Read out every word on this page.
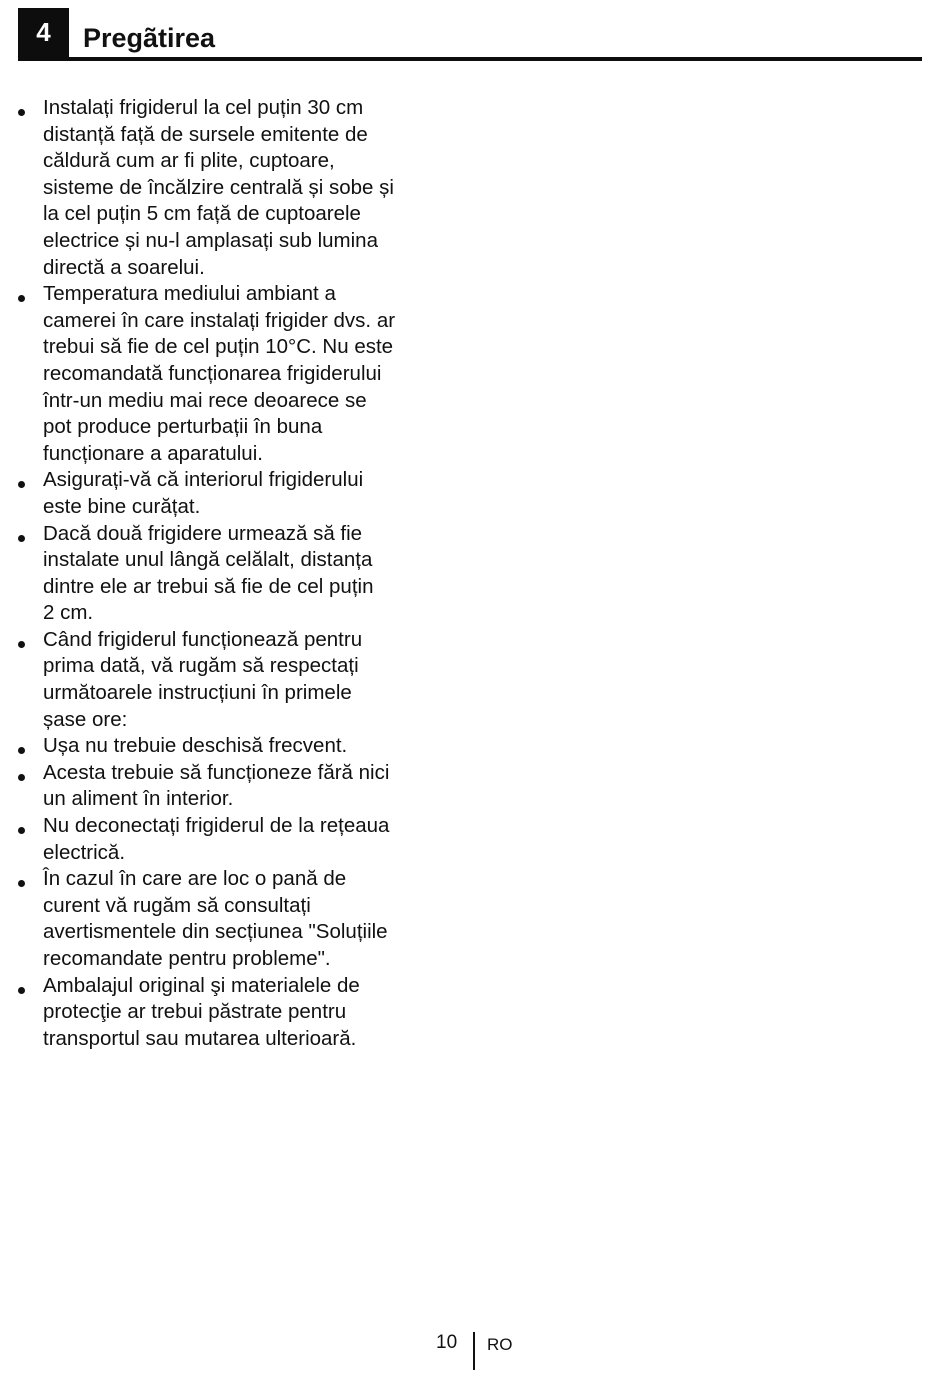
4	Pregãtirea
Instalați frigiderul la cel puțin 30 cm
distanță față de sursele emitente de
căldură cum ar fi plite, cuptoare,
sisteme de încălzire centrală și sobe și
la cel puțin 5 cm față de cuptoarele
electrice și nu-l amplasați sub lumina
directă a soarelui.
Temperatura mediului ambiant a
camerei în care instalați frigider dvs. ar
trebui să fie de cel puțin 10°C. Nu este
recomandată funcționarea frigiderului
într-un mediu mai rece deoarece se
pot produce perturbații în buna
funcționare a aparatului.
Asigurați-vă că interiorul frigiderului
este bine curățat.
Dacă două frigidere urmează să fie
instalate unul lângă celălalt, distanța
dintre ele ar trebui să fie de cel puțin
2 cm.
Când frigiderul funcționează pentru
prima dată, vă rugăm să respectați
următoarele instrucțiuni în primele
șase ore:
Ușa nu trebuie deschisă frecvent.
Acesta trebuie să funcționeze fără nici
un aliment în interior.
Nu deconectați frigiderul de la rețeaua
electrică.
În cazul în care are loc o pană de
curent vă rugăm să consultați
avertismentele din secțiunea "Soluțiile
recomandate pentru probleme".
Ambalajul original şi materialele de
protecţie ar trebui păstrate pentru
transportul sau mutarea ulterioară.
10 RO
